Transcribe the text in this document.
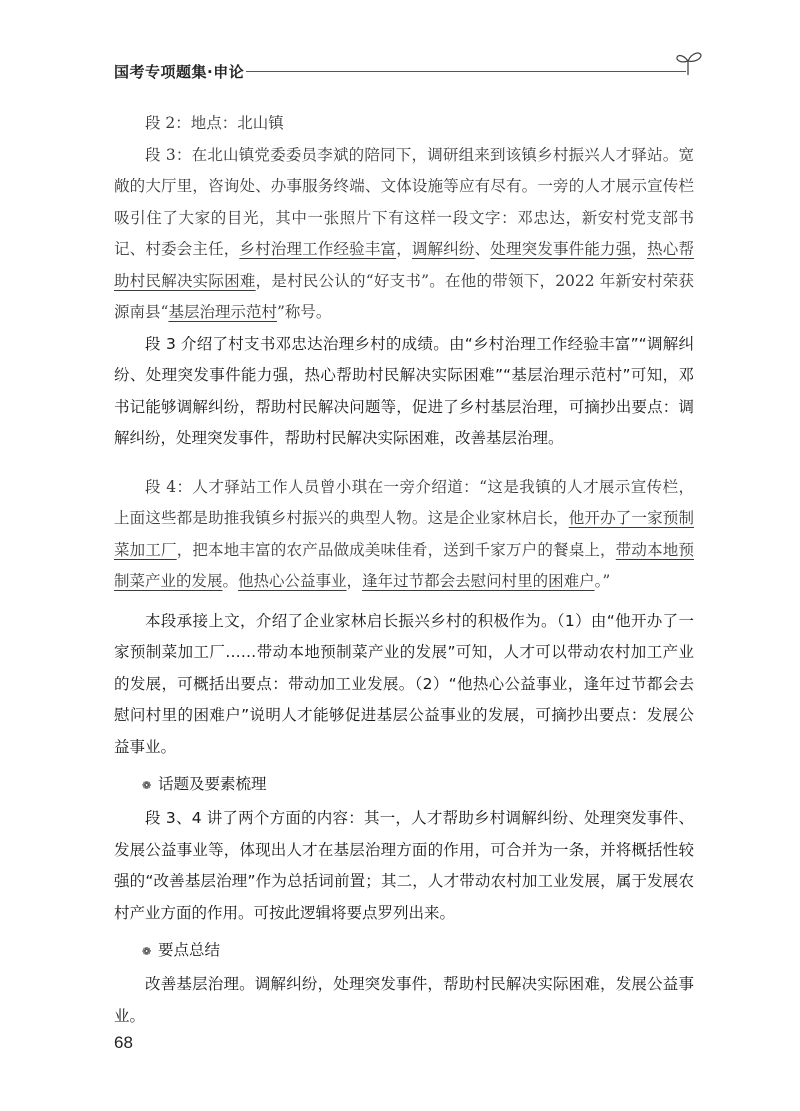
国考专项题集·申论

段 2：地点：北山镇

段 3：在北山镇党委委员李斌的陪同下，调研组来到该镇乡村振兴人才驿站。宽敞的大厅里，咨询处、办事服务终端、文体设施等应有尽有。一旁的人才展示宣传栏吸引住了大家的目光，其中一张照片下有这样一段文字：邓忠达，新安村党支部书记、村委会主任，乡村治理工作经验丰富，调解纠纷、处理突发事件能力强，热心帮助村民解决实际困难，是村民公认的“好支书”。在他的带领下，2022 年新安村荣获源南县“基层治理示范村”称号。

段 3 介绍了村支书邓忠达治理乡村的成绩。由“乡村治理工作经验丰富”“调解纠纷、处理突发事件能力强，热心帮助村民解决实际困难”“基层治理示范村”可知，邓书记能够调解纠纷，帮助村民解决问题等，促进了乡村基层治理，可摘抄出要点：调解纠纷，处理突发事件，帮助村民解决实际困难，改善基层治理。

段 4：人才驿站工作人员曾小琪在一旁介绍道：“这是我镇的人才展示宣传栏，上面这些都是助推我镇乡村振兴的典型人物。这是企业家林启长，他开办了一家预制菜加工厂，把本地丰富的农产品做成美味佳肴，送到千家万户的餐桌上，带动本地预制菜产业的发展。他热心公益事业，逢年过节都会去慰问村里的困难户。”

本段承接上文，介绍了企业家林启长振兴乡村的积极作为。（1）由“他开办了一家预制菜加工厂……带动本地预制菜产业的发展”可知，人才可以带动农村加工产业的发展，可概括出要点：带动加工业发展。（2）“他热心公益事业，逢年过节都会去慰问村里的困难户”说明人才能够促进基层公益事业的发展，可摘抄出要点：发展公益事业。

❁ 话题及要素梳理

段 3、4 讲了两个方面的内容：其一，人才帮助乡村调解纠纷、处理突发事件、发展公益事业等，体现出人才在基层治理方面的作用，可合并为一条，并将概括性较强的“改善基层治理”作为总括词前置；其二，人才带动农村加工业发展，属于发展农村产业方面的作用。可按此逻辑将要点罗列出来。

❁ 要点总结

改善基层治理。调解纠纷，处理突发事件，帮助村民解决实际困难，发展公益事业。

68
